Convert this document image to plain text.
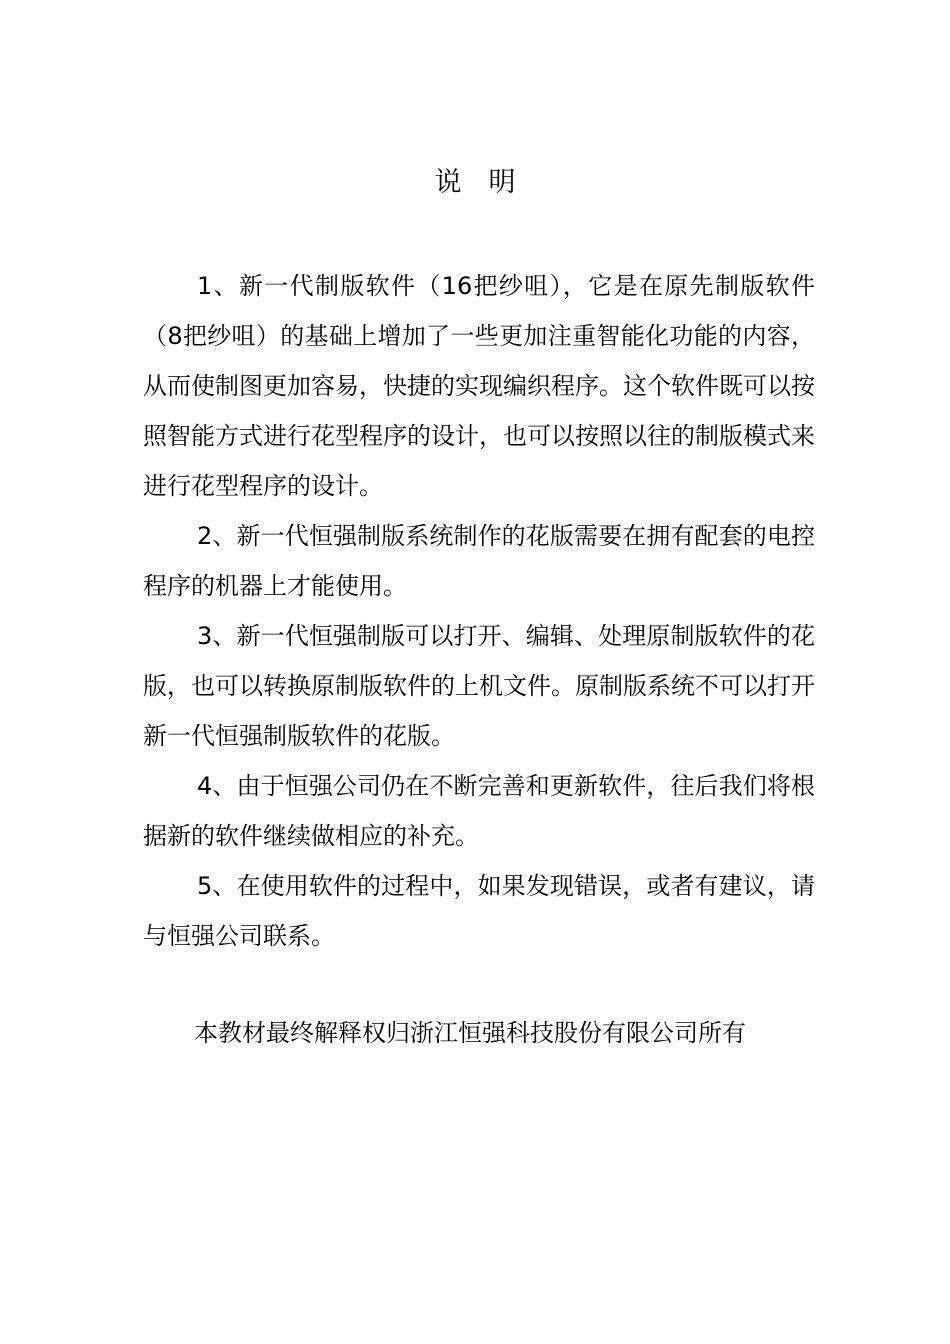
说　明

1、新一代制版软件（16把纱咀），它是在原先制版软件（8把纱咀）的基础上增加了一些更加注重智能化功能的内容，从而使制图更加容易，快捷的实现编织程序。这个软件既可以按照智能方式进行花型程序的设计，也可以按照以往的制版模式来进行花型程序的设计。

2、新一代恒强制版系统制作的花版需要在拥有配套的电控程序的机器上才能使用。

3、新一代恒强制版可以打开、编辑、处理原制版软件的花版，也可以转换原制版软件的上机文件。原制版系统不可以打开新一代恒强制版软件的花版。

4、由于恒强公司仍在不断完善和更新软件，往后我们将根据新的软件继续做相应的补充。

5、在使用软件的过程中，如果发现错误，或者有建议，请与恒强公司联系。

本教材最终解释权归浙江恒强科技股份有限公司所有
